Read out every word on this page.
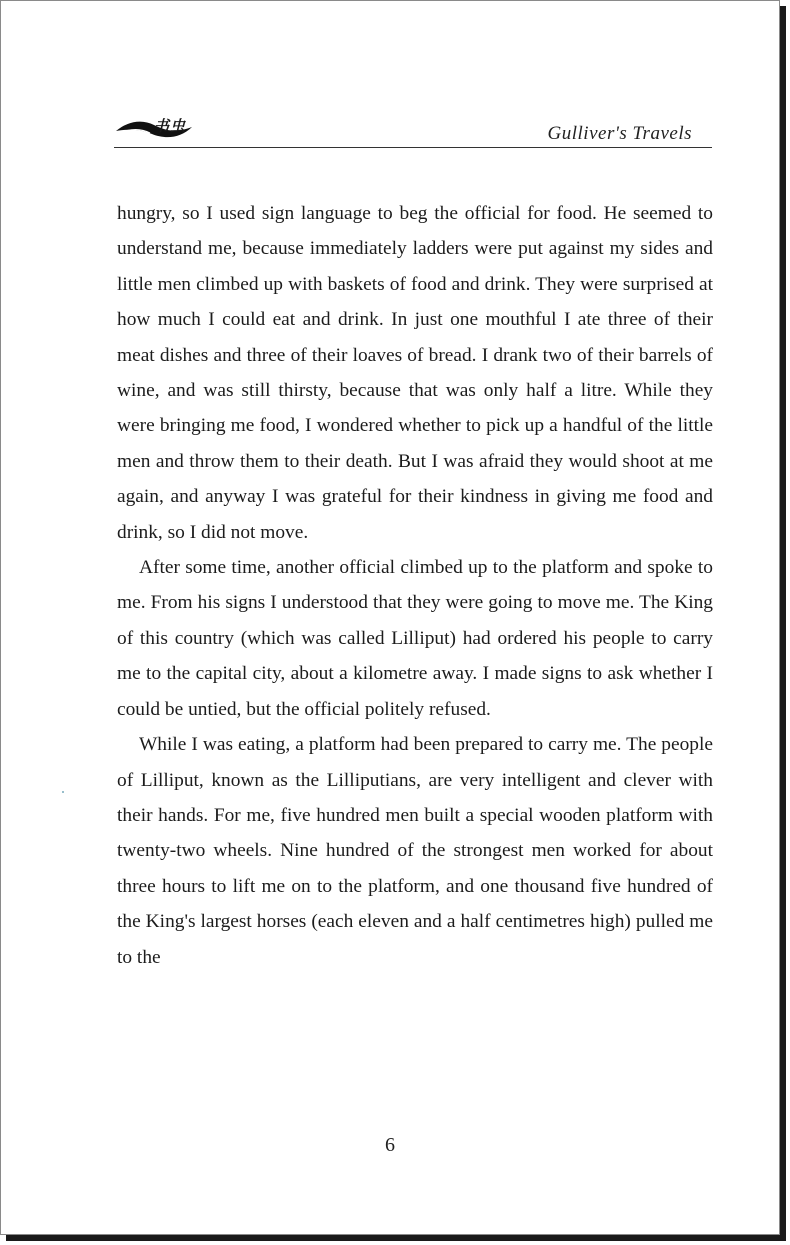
书虫	Gulliver's Travels

hungry, so I used sign language to beg the official for food. He seemed to understand me, because immediately ladders were put against my sides and little men climbed up with baskets of food and drink. They were surprised at how much I could eat and drink. In just one mouthful I ate three of their meat dishes and three of their loaves of bread. I drank two of their barrels of wine, and was still thirsty, because that was only half a litre. While they were bringing me food, I wondered whether to pick up a handful of the little men and throw them to their death. But I was afraid they would shoot at me again, and anyway I was grateful for their kindness in giving me food and drink, so I did not move.

After some time, another official climbed up to the platform and spoke to me. From his signs I understood that they were going to move me. The King of this country (which was called Lilliput) had ordered his people to carry me to the capital city, about a kilometre away. I made signs to ask whether I could be untied, but the official politely refused.

While I was eating, a platform had been prepared to carry me. The people of Lilliput, known as the Lilliputians, are very intelligent and clever with their hands. For me, five hundred men built a special wooden platform with twenty-two wheels. Nine hundred of the strongest men worked for about three hours to lift me on to the platform, and one thousand five hundred of the King's largest horses (each eleven and a half centimetres high) pulled me to the

6
